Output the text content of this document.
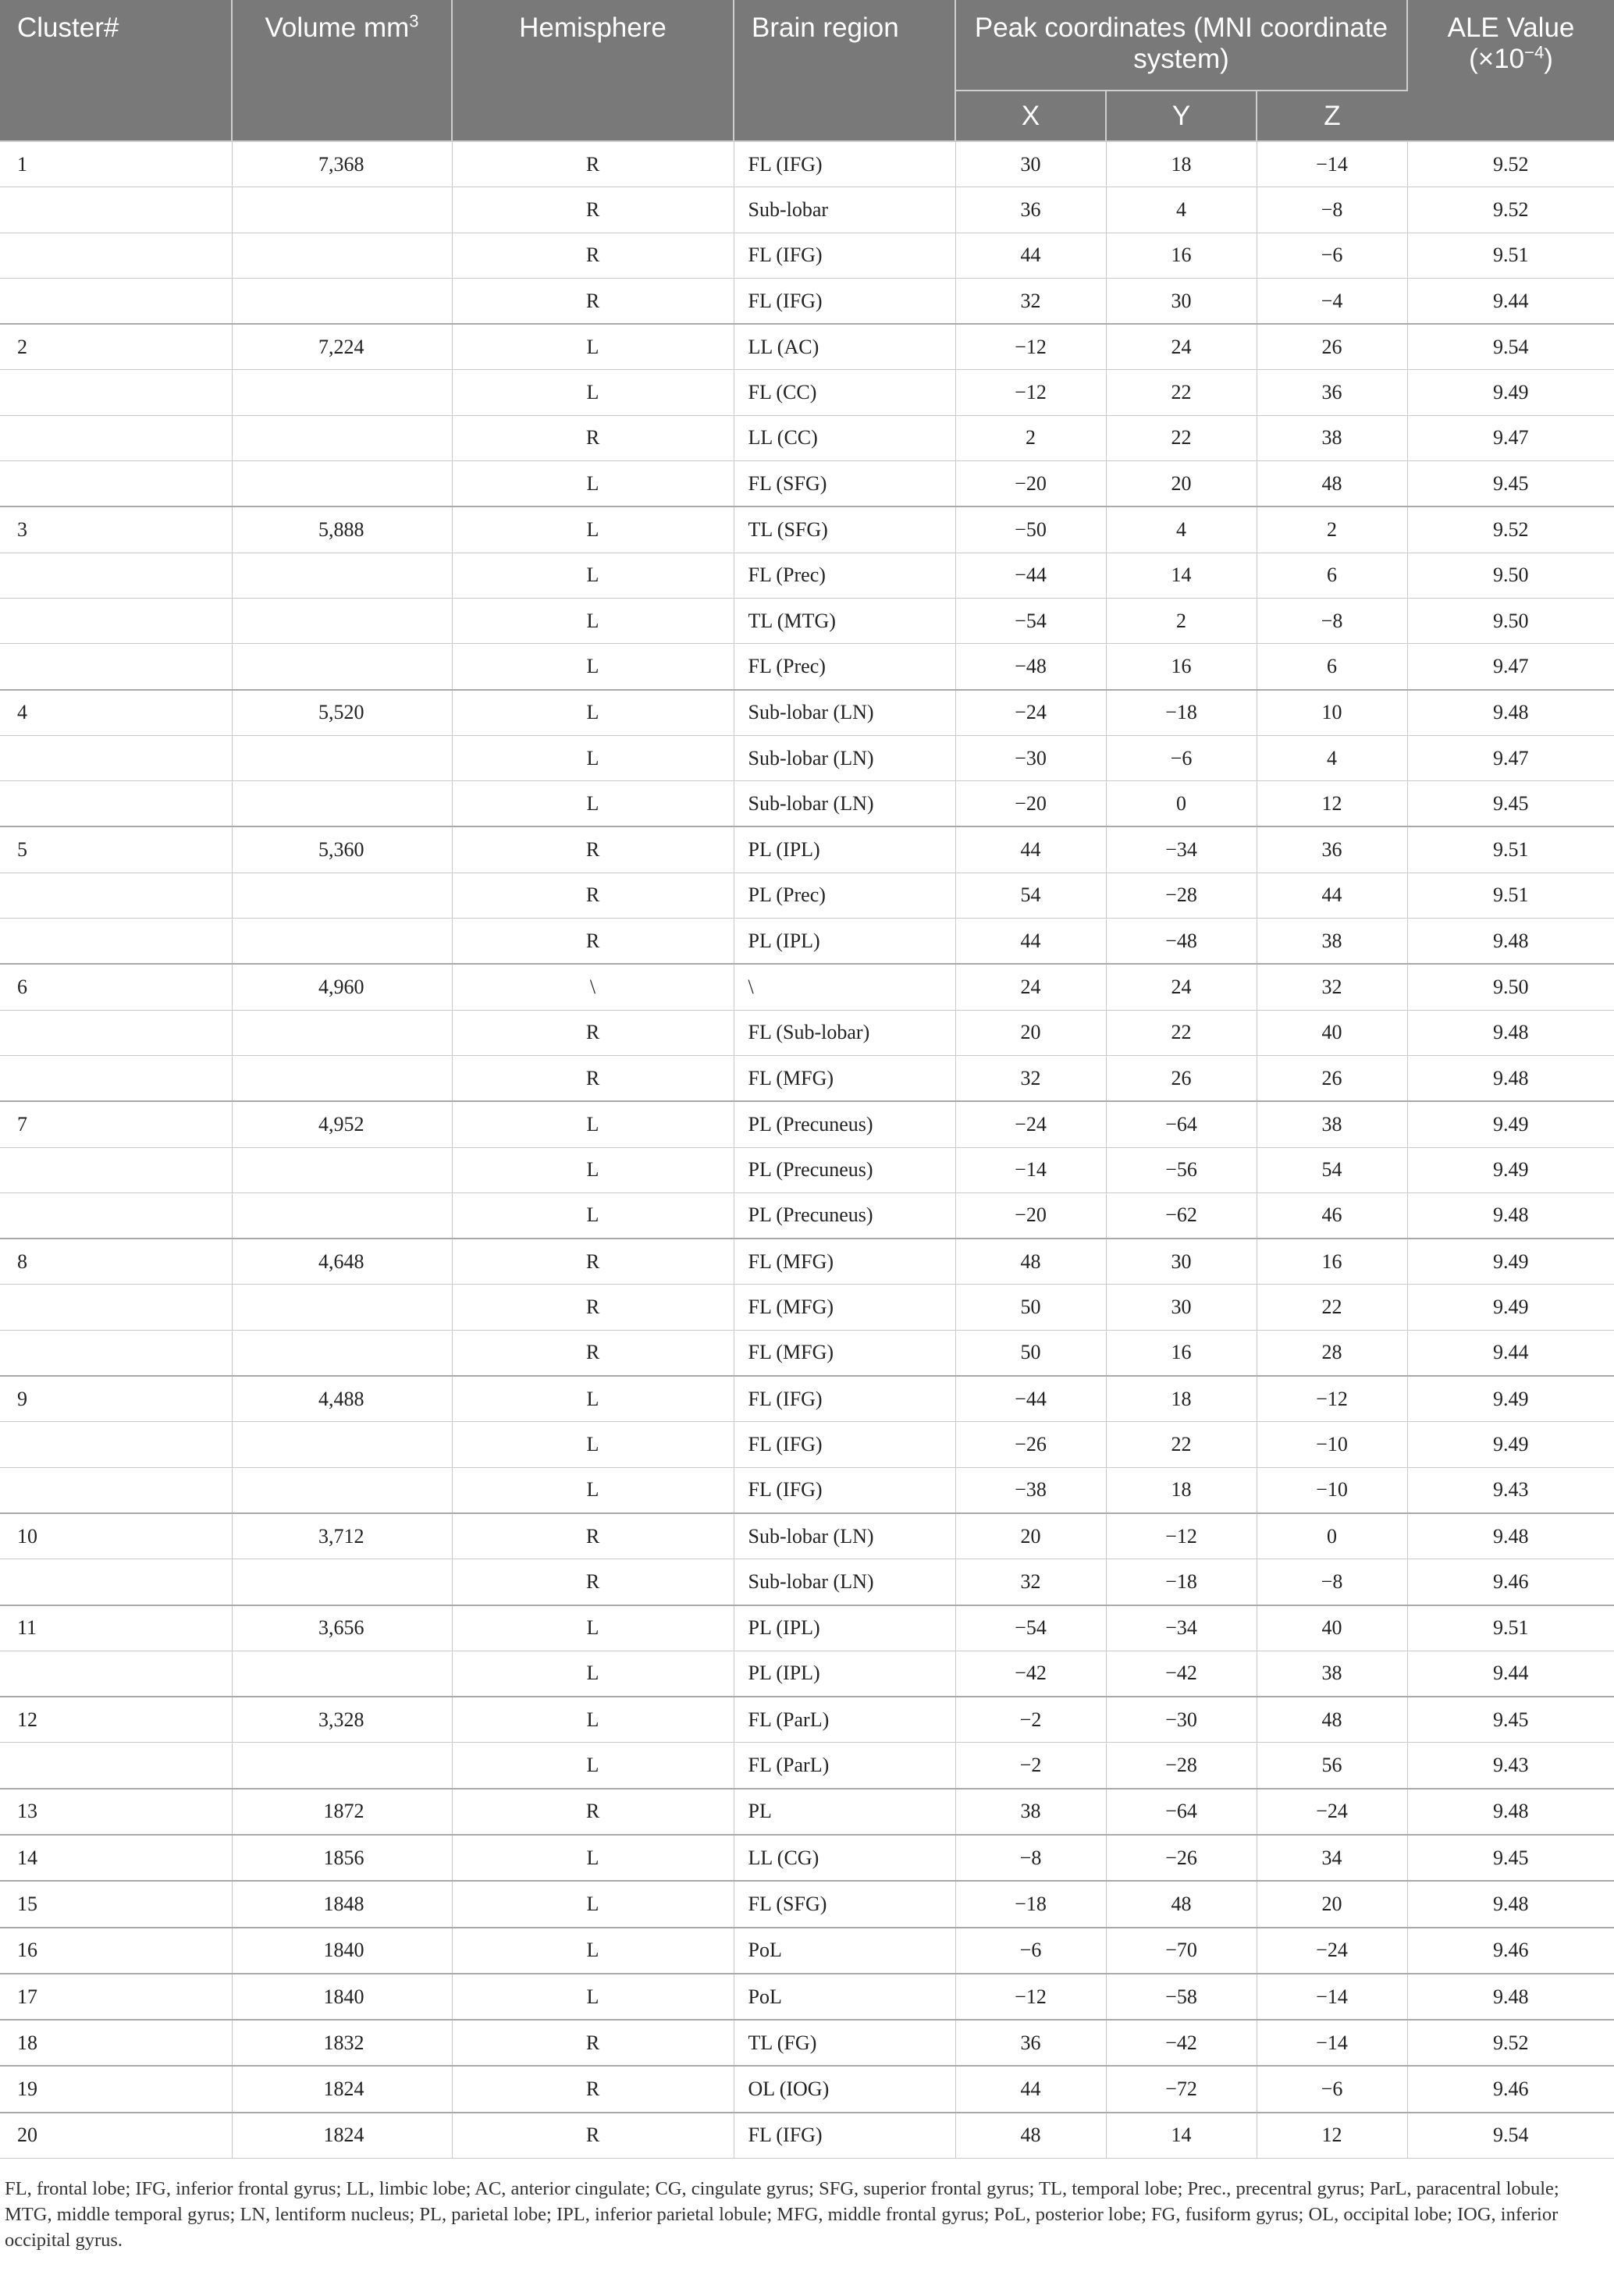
Cluster#	Volume $mm^3$	Hemisphere	Brain region	Peak coordinates (MNI coordinate system)			ALE Value $(\times 10^{-4})$
				X	Y	Z	
1	7,368	R	FL (IFG)	30	18	−14	9.52
		R	Sub-lobar	36	4	−8	9.52
		R	FL (IFG)	44	16	−6	9.51
		R	FL (IFG)	32	30	−4	9.44
2	7,224	L	LL (AC)	−12	24	26	9.54
		L	FL (CC)	−12	22	36	9.49
		R	LL (CC)	2	22	38	9.47
		L	FL (SFG)	−20	20	48	9.45
3	5,888	L	TL (SFG)	−50	4	2	9.52
		L	FL (Prec)	−44	14	6	9.50
		L	TL (MTG)	−54	2	−8	9.50
		L	FL (Prec)	−48	16	6	9.47
4	5,520	L	Sub-lobar (LN)	−24	−18	10	9.48
		L	Sub-lobar (LN)	−30	−6	4	9.47
		L	Sub-lobar (LN)	−20	0	12	9.45
5	5,360	R	PL (IPL)	44	−34	36	9.51
		R	PL (Prec)	54	−28	44	9.51
		R	PL (IPL)	44	−48	38	9.48
6	4,960	\	\	24	24	32	9.50
		R	FL (Sub-lobar)	20	22	40	9.48
		R	FL (MFG)	32	26	26	9.48
7	4,952	L	PL (Precuneus)	−24	−64	38	9.49
		L	PL (Precuneus)	−14	−56	54	9.49
		L	PL (Precuneus)	−20	−62	46	9.48
8	4,648	R	FL (MFG)	48	30	16	9.49
		R	FL (MFG)	50	30	22	9.49
		R	FL (MFG)	50	16	28	9.44
9	4,488	L	FL (IFG)	−44	18	−12	9.49
		L	FL (IFG)	−26	22	−10	9.49
		L	FL (IFG)	−38	18	−10	9.43
10	3,712	R	Sub-lobar (LN)	20	−12	0	9.48
		R	Sub-lobar (LN)	32	−18	−8	9.46
11	3,656	L	PL (IPL)	−54	−34	40	9.51
		L	PL (IPL)	−42	−42	38	9.44
12	3,328	L	FL (ParL)	−2	−30	48	9.45
		L	FL (ParL)	−2	−28	56	9.43
13	1872	R	PL	38	−64	−24	9.48
14	1856	L	LL (CG)	−8	−26	34	9.45
15	1848	L	FL (SFG)	−18	48	20	9.48
16	1840	L	PoL	−6	−70	−24	9.46
17	1840	L	PoL	−12	−58	−14	9.48
18	1832	R	TL (FG)	36	−42	−14	9.52
19	1824	R	OL (IOG)	44	−72	−6	9.46
20	1824	R	FL (IFG)	48	14	12	9.54
FL, frontal lobe; IFG, inferior frontal gyrus; LL, limbic lobe; AC, anterior cingulate; CG, cingulate gyrus; SFG, superior frontal gyrus; TL, temporal lobe; Prec., precentral gyrus; ParL, paracentral lobule; MTG, middle temporal gyrus; LN, lentiform nucleus; PL, parietal lobe; IPL, inferior parietal lobule; MFG, middle frontal gyrus; PoL, posterior lobe; FG, fusiform gyrus; OL, occipital lobe; IOG, inferior occipital gyrus.
